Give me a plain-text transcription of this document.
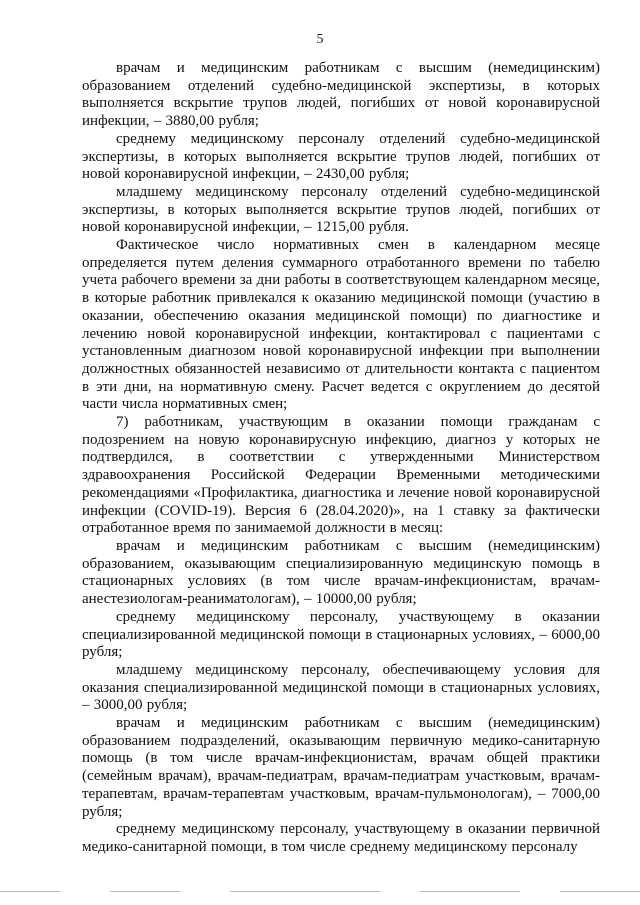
5

врачам и медицинским работникам с высшим (немедицинским) образованием отделений судебно-медицинской экспертизы, в которых выполняется вскрытие трупов людей, погибших от новой коронавирусной инфекции, – 3880,00 рубля;

среднему медицинскому персоналу отделений судебно-медицинской экспертизы, в которых выполняется вскрытие трупов людей, погибших от новой коронавирусной инфекции, – 2430,00 рубля;

младшему медицинскому персоналу отделений судебно-медицинской экспертизы, в которых выполняется вскрытие трупов людей, погибших от новой коронавирусной инфекции, – 1215,00 рубля.

Фактическое число нормативных смен в календарном месяце определяется путем деления суммарного отработанного времени по табелю учета рабочего времени за дни работы в соответствующем календарном месяце, в которые работник привлекался к оказанию медицинской помощи (участию в оказании, обеспечению оказания медицинской помощи) по диагностике и лечению новой коронавирусной инфекции, контактировал с пациентами с установленным диагнозом новой коронавирусной инфекции при выполнении должностных обязанностей независимо от длительности контакта с пациентом в эти дни, на нормативную смену. Расчет ведется с округлением до десятой части числа нормативных смен;

7) работникам, участвующим в оказании помощи гражданам с подозрением на новую коронавирусную инфекцию, диагноз у которых не подтвердился, в соответствии с утвержденными Министерством здравоохранения Российской Федерации Временными методическими рекомендациями «Профилактика, диагностика и лечение новой коронавирусной инфекции (COVID-19). Версия 6 (28.04.2020)», на 1 ставку за фактически отработанное время по занимаемой должности в месяц:

врачам и медицинским работникам с высшим (немедицинским) образованием, оказывающим специализированную медицинскую помощь в стационарных условиях (в том числе врачам-инфекционистам, врачам-анестезиологам-реаниматологам), – 10000,00 рубля;

среднему медицинскому персоналу, участвующему в оказании специализированной медицинской помощи в стационарных условиях, – 6000,00 рубля;

младшему медицинскому персоналу, обеспечивающему условия для оказания специализированной медицинской помощи в стационарных условиях, – 3000,00 рубля;

врачам и медицинским работникам с высшим (немедицинским) образованием подразделений, оказывающим первичную медико-санитарную помощь (в том числе врачам-инфекционистам, врачам общей практики (семейным врачам), врачам-педиатрам, врачам-педиатрам участковым, врачам-терапевтам, врачам-терапевтам участковым, врачам-пульмонологам), – 7000,00 рубля;

среднему медицинскому персоналу, участвующему в оказании первичной медико-санитарной помощи, в том числе среднему медицинскому персоналу
